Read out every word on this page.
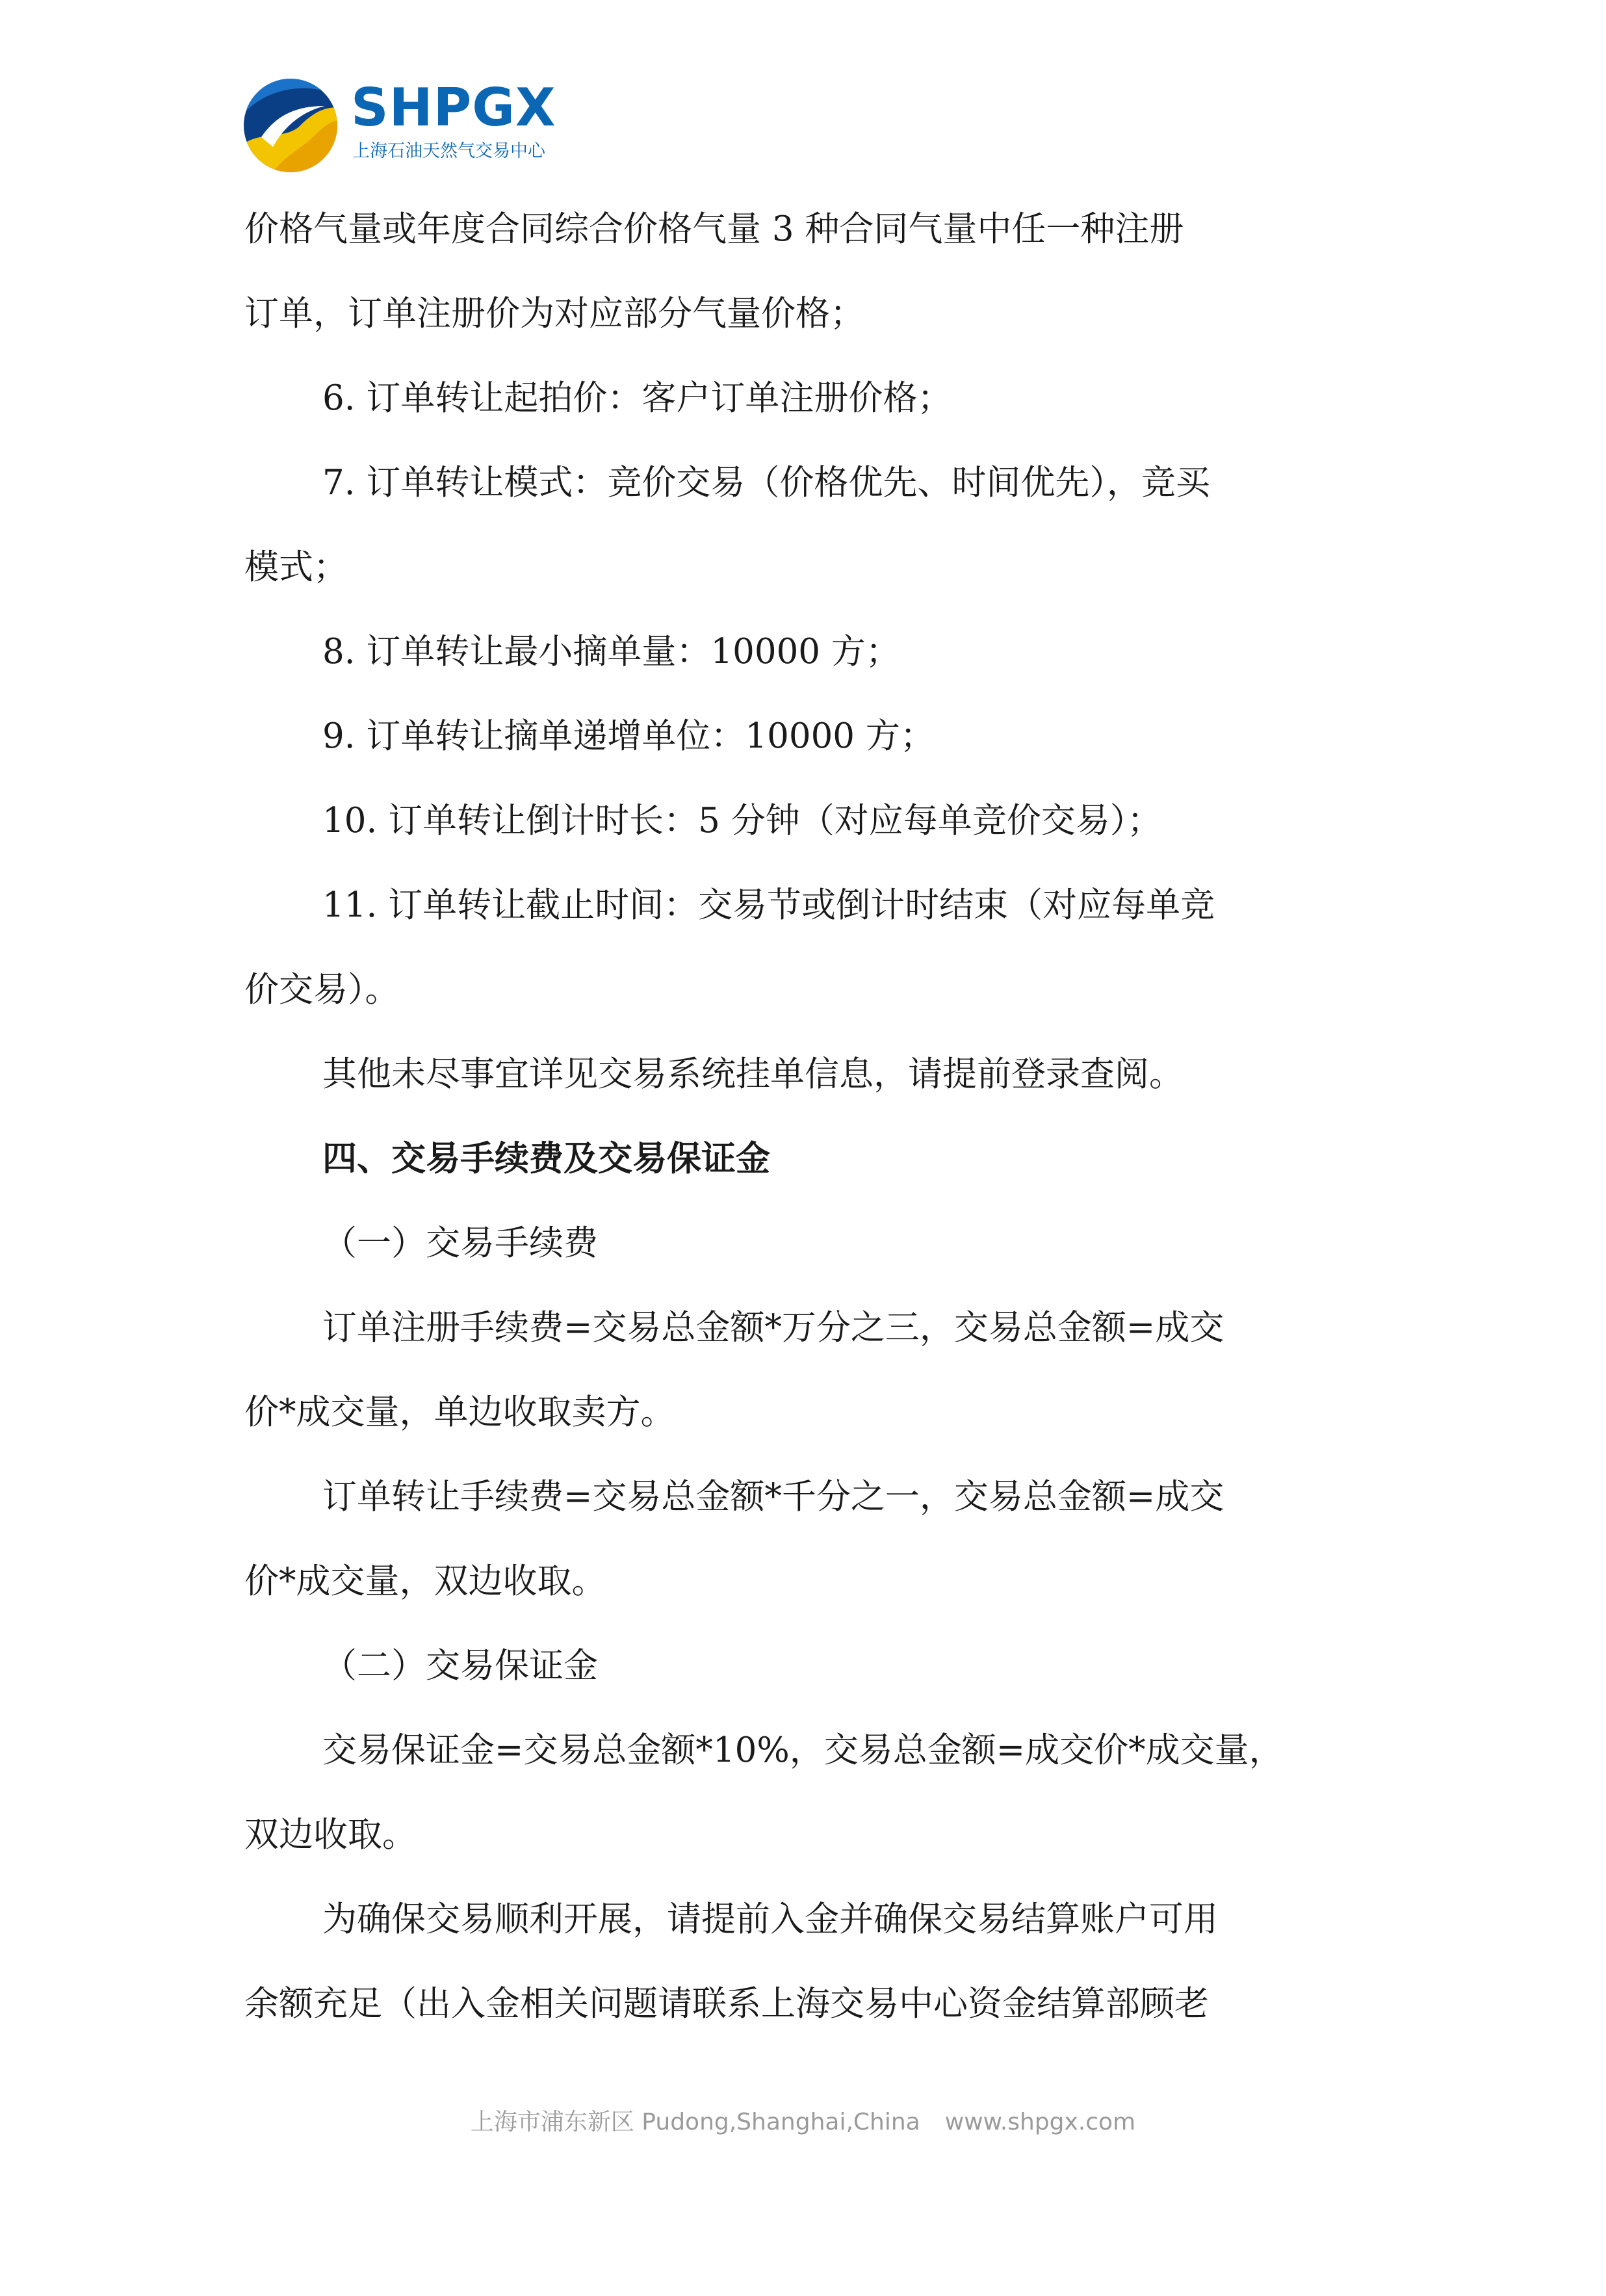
SHPGX
上海石油天然气交易中心
价格气量或年度合同综合价格气量 3 种合同气量中任一种注册
订单，订单注册价为对应部分气量价格；
6. 订单转让起拍价：客户订单注册价格；
7. 订单转让模式：竞价交易（价格优先、时间优先），竞买
模式；
8. 订单转让最小摘单量：10000 方；
9. 订单转让摘单递增单位：10000 方；
10. 订单转让倒计时长：5 分钟（对应每单竞价交易）；
11. 订单转让截止时间：交易节或倒计时结束（对应每单竞
价交易）。
其他未尽事宜详见交易系统挂单信息，请提前登录查阅。
四、交易手续费及交易保证金
（一）交易手续费
订单注册手续费=交易总金额*万分之三，交易总金额=成交
价*成交量，单边收取卖方。
订单转让手续费=交易总金额*千分之一，交易总金额=成交
价*成交量，双边收取。
（二）交易保证金
交易保证金=交易总金额*10%，交易总金额=成交价*成交量，
双边收取。
为确保交易顺利开展，请提前入金并确保交易结算账户可用
余额充足（出入金相关问题请联系上海交易中心资金结算部顾老
上海市浦东新区 Pudong,Shanghai,China www.shpgx.com
